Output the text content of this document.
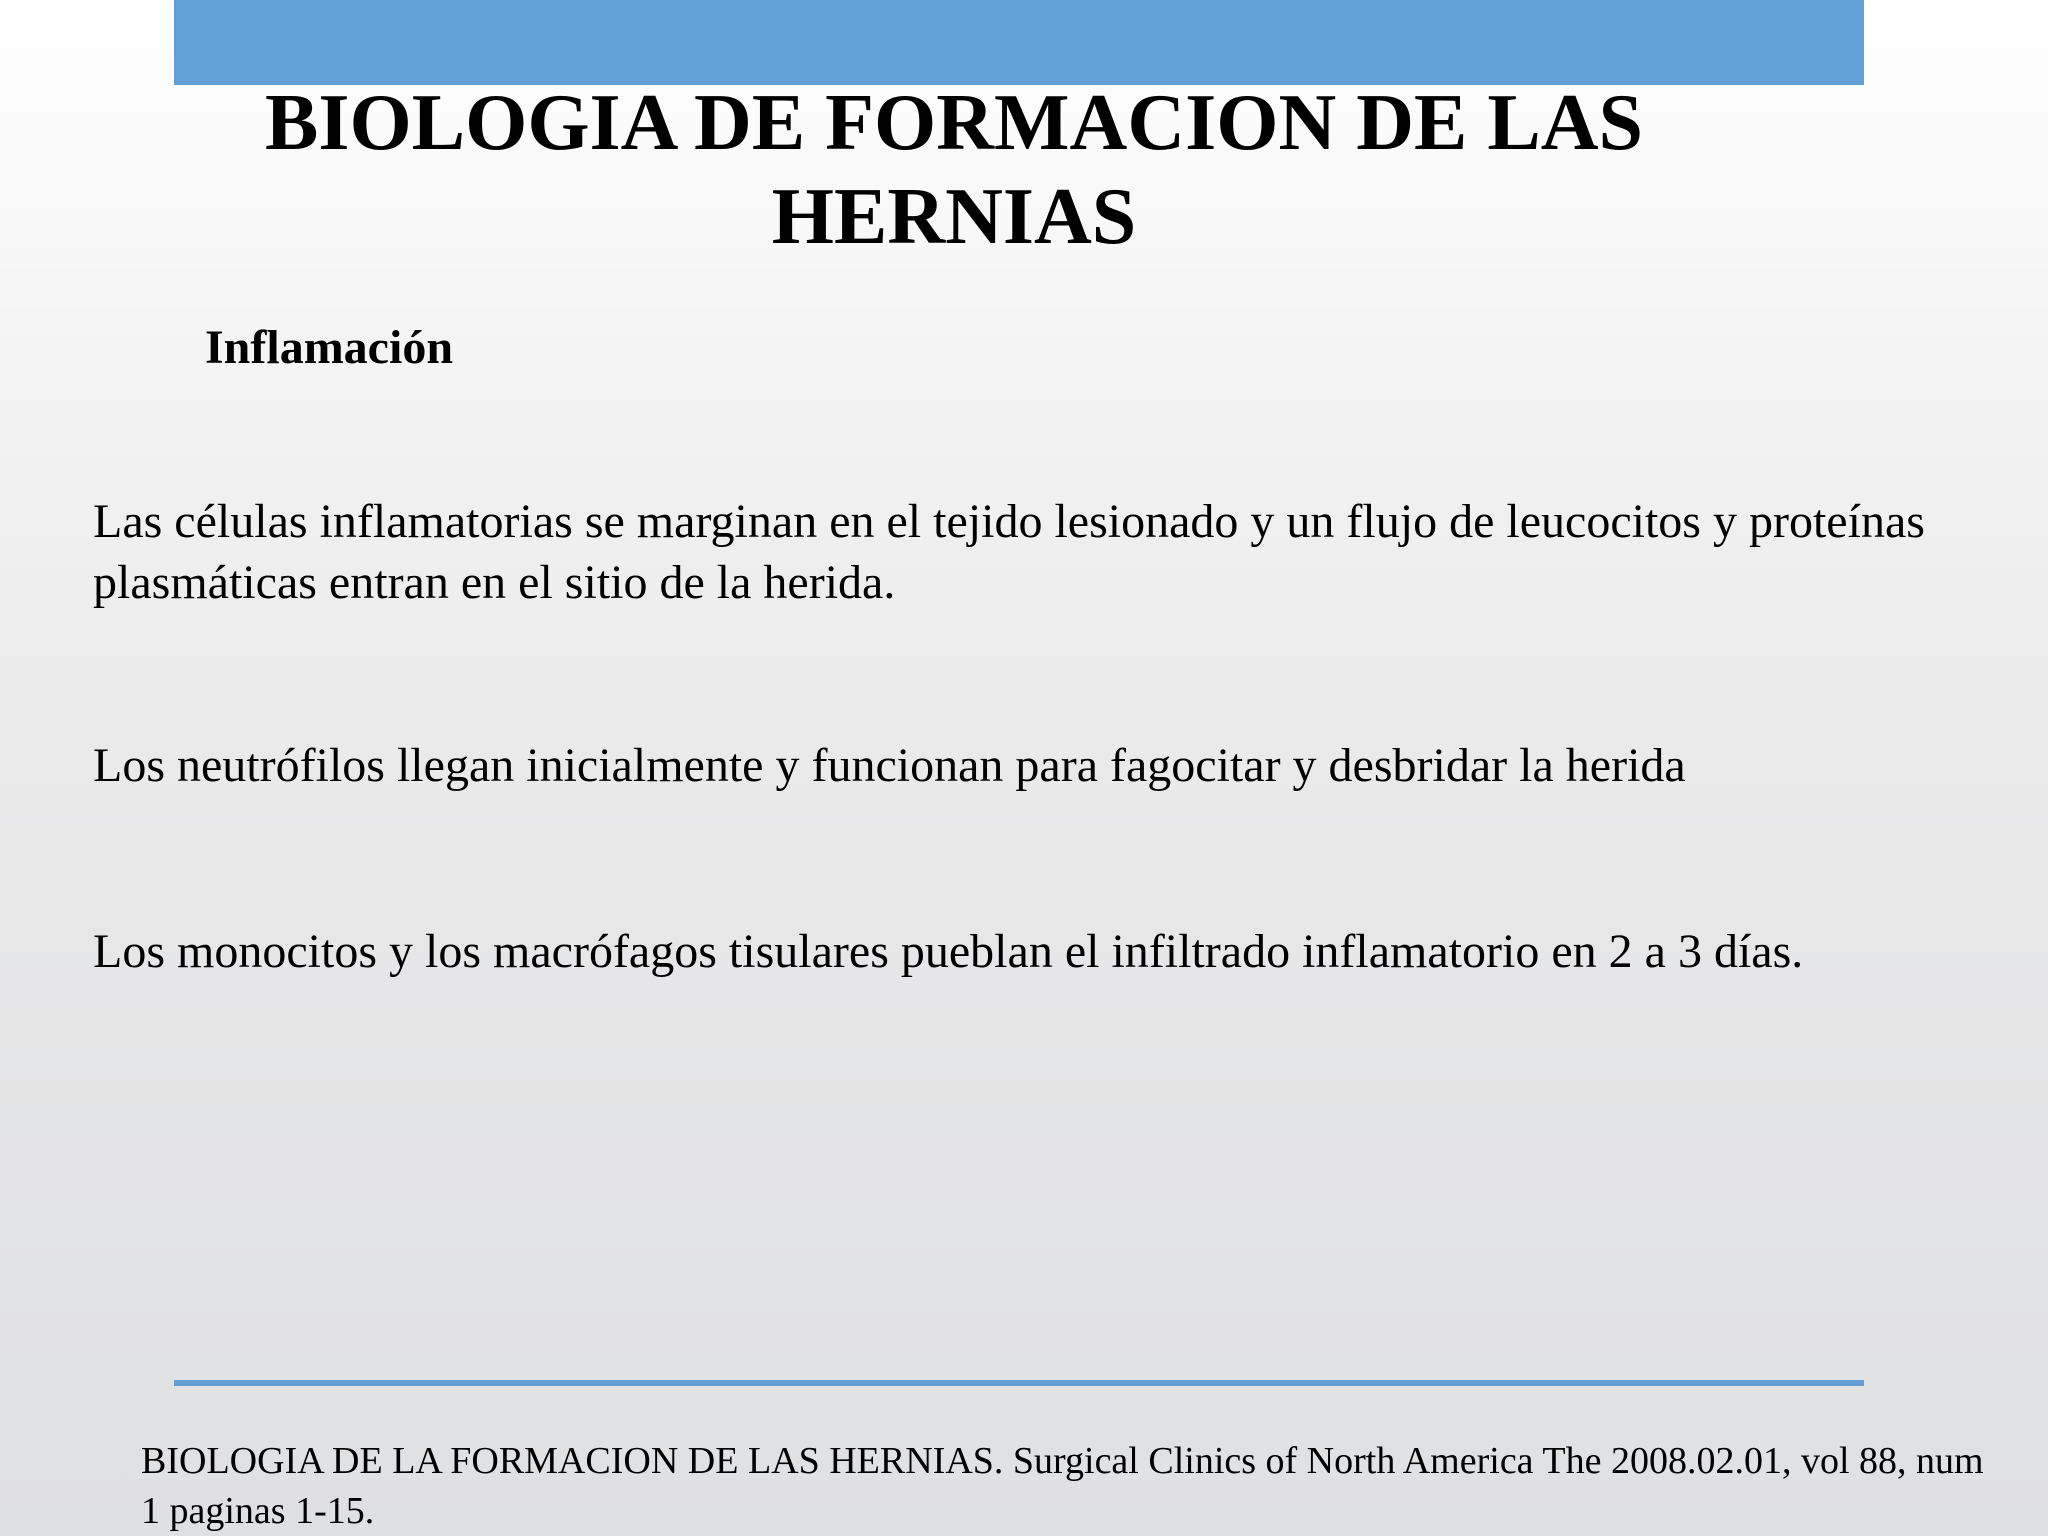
BIOLOGIA DE FORMACION DE LAS
HERNIAS
Inflamación

Las células inflamatorias se marginan en el tejido lesionado y un flujo de leucocitos y proteínas plasmáticas entran en el sitio de la herida.

Los neutrófilos llegan inicialmente y funcionan para fagocitar y desbridar la herida

Los monocitos y los macrófagos tisulares pueblan el infiltrado inflamatorio en 2 a 3 días.

BIOLOGIA DE LA FORMACION DE LAS HERNIAS. Surgical Clinics of North America The 2008.02.01, vol 88, num 1 paginas 1-15.
